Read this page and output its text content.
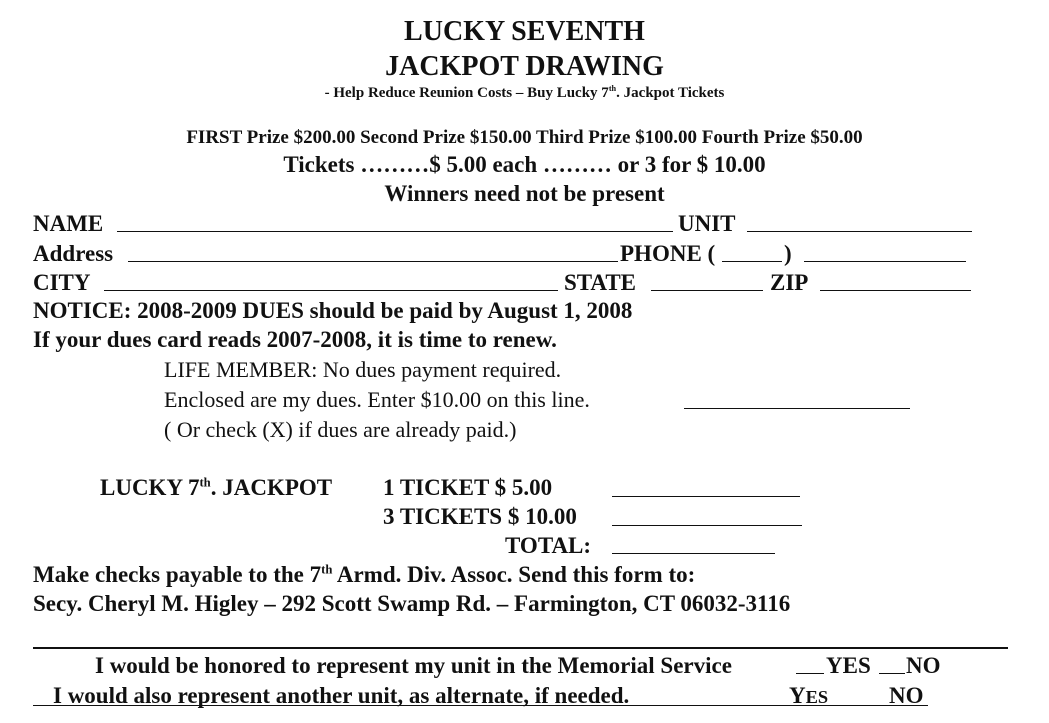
LUCKY SEVENTH
JACKPOT DRAWING
- Help Reduce Reunion Costs – Buy Lucky 7th. Jackpot Tickets
FIRST Prize $200.00 Second Prize $150.00 Third Prize $100.00 Fourth Prize $50.00
Tickets ………$ 5.00 each ……… or 3 for $ 10.00
Winners need not be present
NAME	UNIT
Address	PHONE (	)
CITY	STATE	ZIP
NOTICE: 2008-2009 DUES should be paid by August 1, 2008
If your dues card reads 2007-2008, it is time to renew.
LIFE MEMBER: No dues payment required.
Enclosed are my dues. Enter $10.00 on this line.
( Or check (X) if dues are already paid.)
LUCKY 7th. JACKPOT 1 TICKET $ 5.00
3 TICKETS $ 10.00
TOTAL:
Make checks payable to the 7th Armd. Div. Assoc. Send this form to:
Secy. Cheryl M. Higley – 292 Scott Swamp Rd. – Farmington, CT 06032-3116
I would be honored to represent my unit in the Memorial Service	YES NO
I would also represent another unit, as alternate, if needed.	YES	NO
